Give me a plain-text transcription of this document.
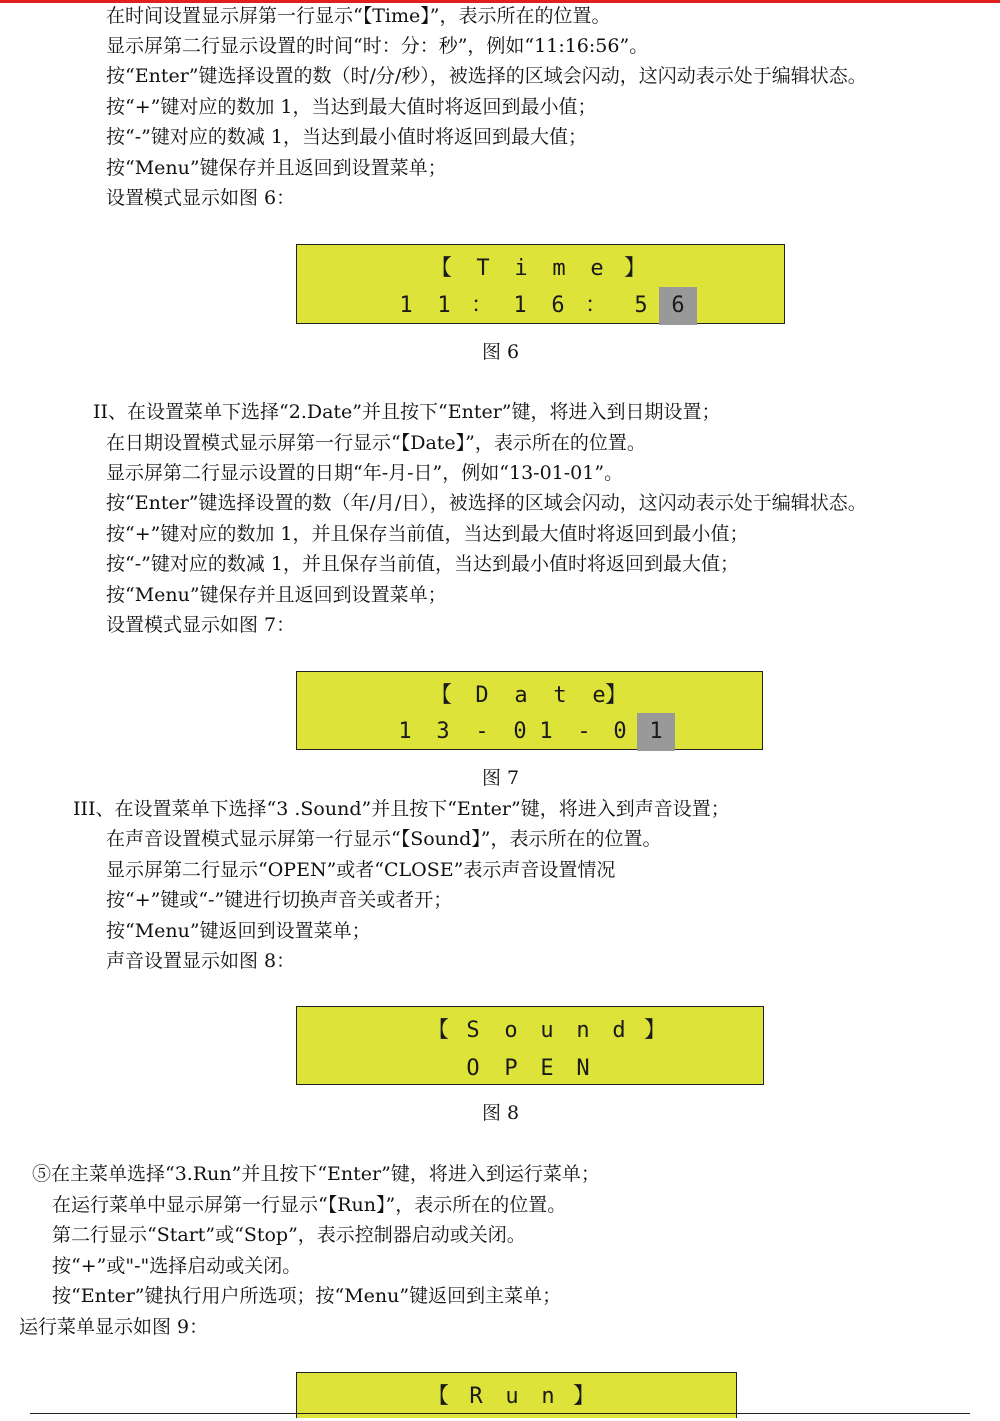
在时间设置显示屏第一行显示“【Time】”，表示所在的位置。
显示屏第二行显示设置的时间“时：分：秒”，例如“11:16:56”。
按“Enter”键选择设置的数（时/分/秒），被选择的区域会闪动，这闪动表示处于编辑状态。
按“+”键对应的数加 1，当达到最大值时将返回到最小值；
按“-”键对应的数减 1，当达到最小值时将返回到最大值；
按“Menu”键保存并且返回到设置菜单；
设置模式显示如图 6：
【	T	i	m	e 】
1	1 ： 1	6 ：	5	6
图 6
II、在设置菜单下选择“2.Date”并且按下“Enter”键，将进入到日期设置；
在日期设置模式显示屏第一行显示“【Date】”，表示所在的位置。
显示屏第二行显示设置的日期“年-月-日”，例如“13-01-01”。
按“Enter”键选择设置的数（年/月/日），被选择的区域会闪动，这闪动表示处于编辑状态。
按“+”键对应的数加 1，并且保存当前值，当达到最大值时将返回到最小值；
按“-”键对应的数减 1，并且保存当前值，当达到最小值时将返回到最大值；
按“Menu”键保存并且返回到设置菜单；
设置模式显示如图 7：
【	D	a	t	e 】
1	3	-	0 1	-	0	1
图 7
III、在设置菜单下选择“3 .Sound”并且按下“Enter”键，将进入到声音设置；
在声音设置模式显示屏第一行显示“【Sound】”，表示所在的位置。
显示屏第二行显示“OPEN”或者“CLOSE”表示声音设置情况
按“+”键或“-”键进行切换声音关或者开；
按“Menu”键返回到设置菜单；
声音设置显示如图 8：
【 S	o	u	n	d 】
O	P	E	N
图 8
⑤在主菜单选择“3.Run”并且按下“Enter”键，将进入到运行菜单；
在运行菜单中显示屏第一行显示“【Run】”，表示所在的位置。
第二行显示“Start”或“Stop”，表示控制器启动或关闭。
按“+”或"-"选择启动或关闭。
按“Enter”键执行用户所选项；按“Menu”键返回到主菜单；
运行菜单显示如图 9：
【 R	u	n 】
